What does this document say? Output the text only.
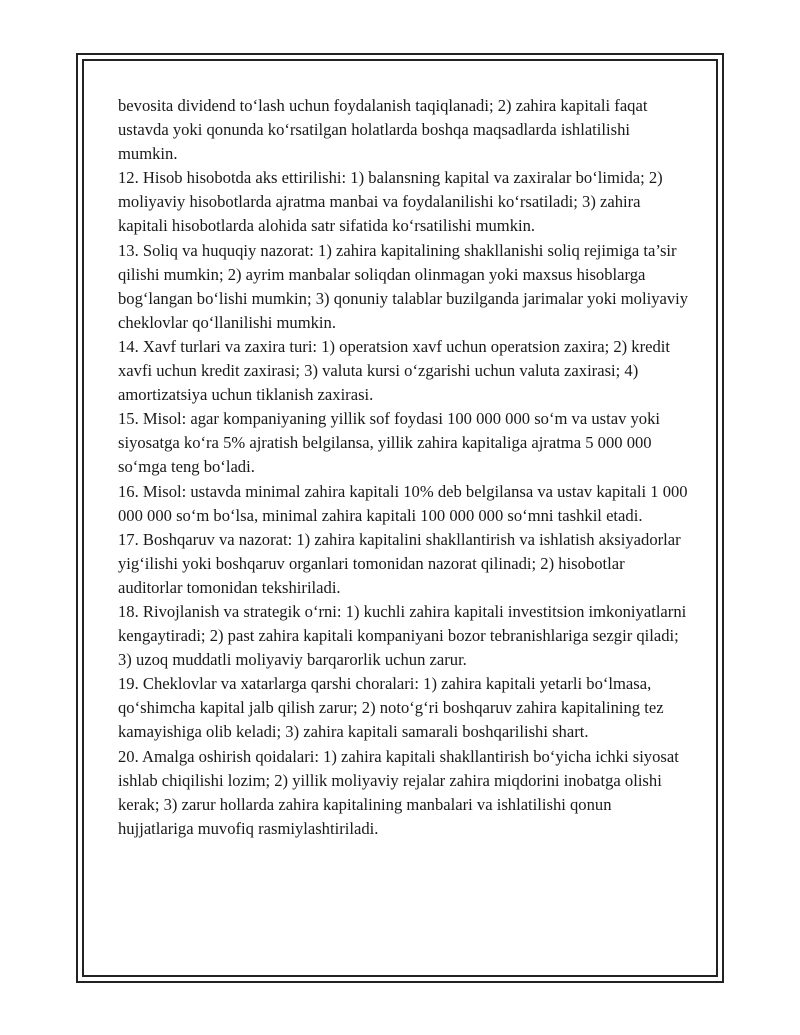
bevosita dividend to‘lash uchun foydalanish taqiqlanadi; 2) zahira kapitali faqat ustavda yoki qonunda ko‘rsatilgan holatlarda boshqa maqsadlarda ishlatilishi mumkin.

12. Hisob hisobotda aks ettirilishi: 1) balansning kapital va zaxiralar bo‘limida; 2) moliyaviy hisobotlarda ajratma manbai va foydalanilishi ko‘rsatiladi; 3) zahira kapitali hisobotlarda alohida satr sifatida ko‘rsatilishi mumkin.

13. Soliq va huquqiy nazorat: 1) zahira kapitalining shakllanishi soliq rejimiga ta’sir qilishi mumkin; 2) ayrim manbalar soliqdan olinmagan yoki maxsus hisoblarga bog‘langan bo‘lishi mumkin; 3) qonuniy talablar buzilganda jarimalar yoki moliyaviy cheklovlar qo‘llanilishi mumkin.

14. Xavf turlari va zaxira turi: 1) operatsion xavf uchun operatsion zaxira; 2) kredit xavfi uchun kredit zaxirasi; 3) valuta kursi o‘zgarishi uchun valuta zaxirasi; 4) amortizatsiya uchun tiklanish zaxirasi.

15. Misol: agar kompaniyaning yillik sof foydasi 100 000 000 so‘m va ustav yoki siyosatga ko‘ra 5% ajratish belgilansa, yillik zahira kapitaliga ajratma 5 000 000 so‘mga teng bo‘ladi.

16. Misol: ustavda minimal zahira kapitali 10% deb belgilansa va ustav kapitali 1 000 000 000 so‘m bo‘lsa, minimal zahira kapitali 100 000 000 so‘mni tashkil etadi.

17. Boshqaruv va nazorat: 1) zahira kapitalini shakllantirish va ishlatish aksiyadorlar yig‘ilishi yoki boshqaruv organlari tomonidan nazorat qilinadi; 2) hisobotlar auditorlar tomonidan tekshiriladi.

18. Rivojlanish va strategik o‘rni: 1) kuchli zahira kapitali investitsion imkoniyatlarni kengaytiradi; 2) past zahira kapitali kompaniyani bozor tebranishlariga sezgir qiladi; 3) uzoq muddatli moliyaviy barqarorlik uchun zarur.

19. Cheklovlar va xatarlarga qarshi choralari: 1) zahira kapitali yetarli bo‘lmasa, qo‘shimcha kapital jalb qilish zarur; 2) noto‘g‘ri boshqaruv zahira kapitalining tez kamayishiga olib keladi; 3) zahira kapitali samarali boshqarilishi shart.

20. Amalga oshirish qoidalari: 1) zahira kapitali shakllantirish bo‘yicha ichki siyosat ishlab chiqilishi lozim; 2) yillik moliyaviy rejalar zahira miqdorini inobatga olishi kerak; 3) zarur hollarda zahira kapitalining manbalari va ishlatilishi qonun hujjatlariga muvofiq rasmiylashtiriladi.
